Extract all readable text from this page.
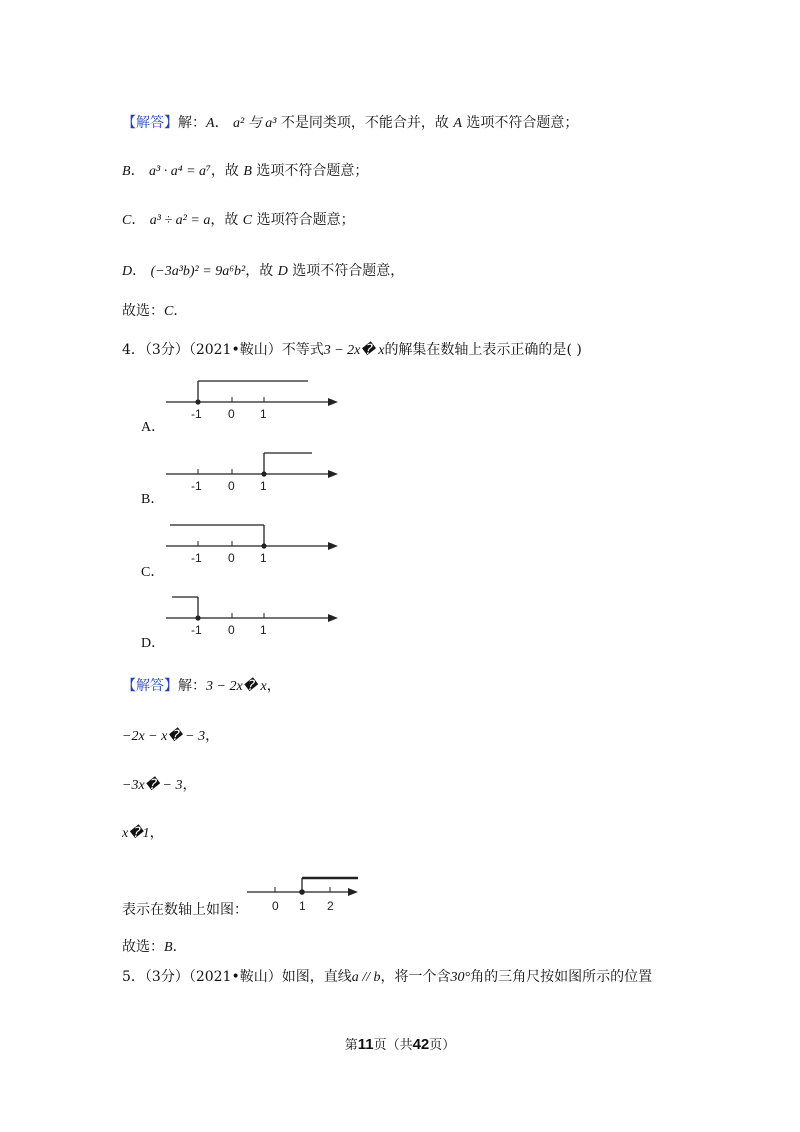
【解答】解：A． a² 与 a³ 不是同类项，不能合并，故 A 选项不符合题意；
B． a³ · a⁴ = a⁷，故 B 选项不符合题意；
C． a³ ÷ a² = a，故 C 选项符合题意；
D． (−3a³b)² = 9a⁶b²，故 D 选项不符合题意，
故选：C．
4．（3分）（2021•鞍山）不等式3 − 2x� x的解集在数轴上表示正确的是( )
-1 0 1
A．
-1 0 1
B．
-1 0 1
C．
-1 0 1
D．
【解答】解：3 − 2x� x，
−2x − x� − 3，
−3x� − 3，
x�1，
表示在数轴上如图： 0 1 2
故选：B．
5．（3分）（2021•鞍山）如图，直线a // b，将一个含30°角的三角尺按如图所示的位置
第11页（共42页）
